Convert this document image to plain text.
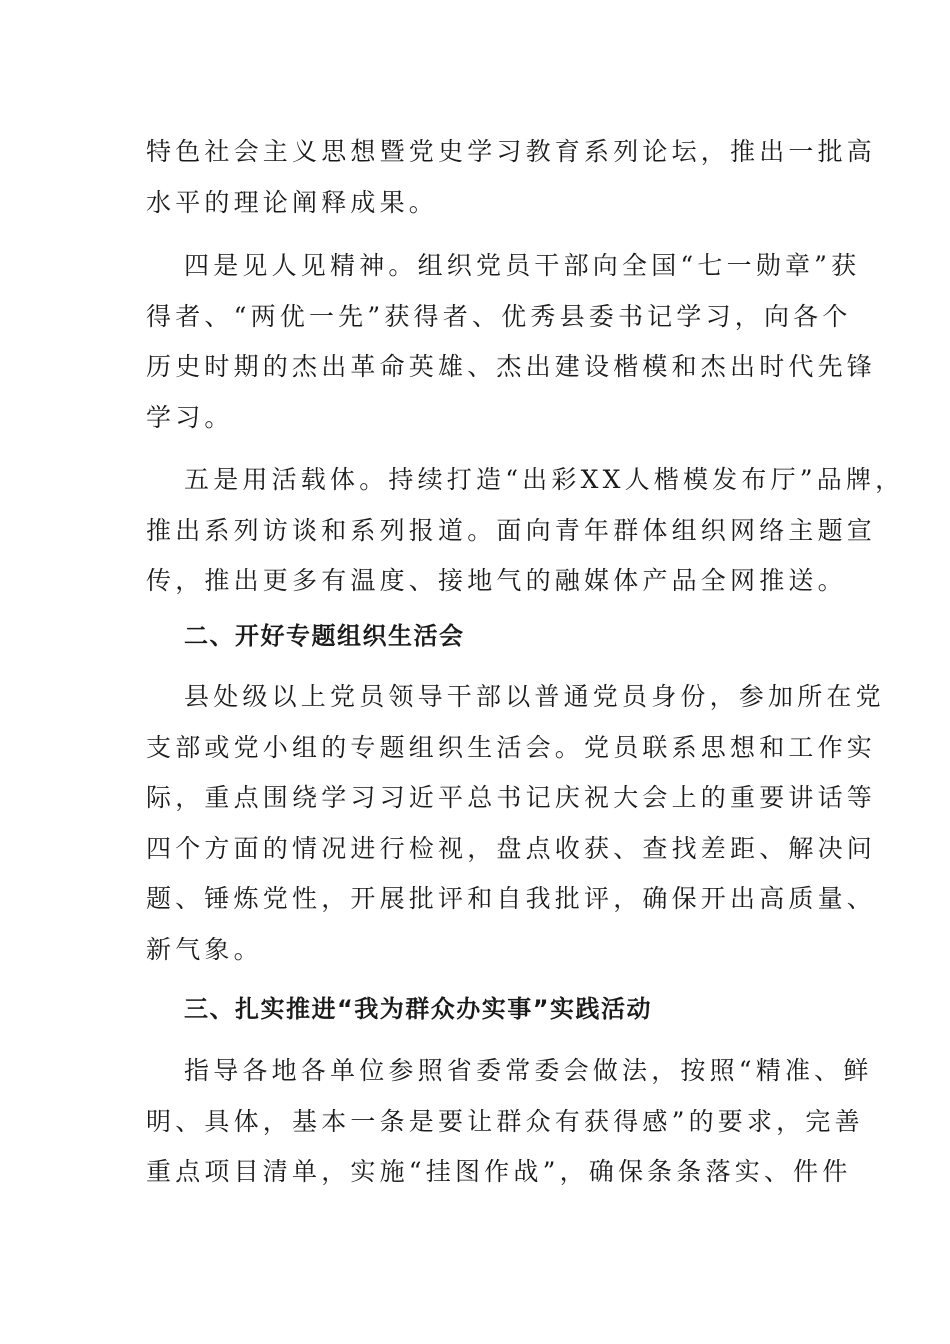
特色社会主义思想暨党史学习教育系列论坛，推出一批高
水平的理论阐释成果。
四是见人见精神。组织党员干部向全国“七一勋章”获
得者、“两优一先”获得者、优秀县委书记学习，向各个
历史时期的杰出革命英雄、杰出建设楷模和杰出时代先锋
学习。
五是用活载体。持续打造“出彩XX人楷模发布厅”品牌，
推出系列访谈和系列报道。面向青年群体组织网络主题宣
传，推出更多有温度、接地气的融媒体产品全网推送。
二、开好专题组织生活会
县处级以上党员领导干部以普通党员身份，参加所在党
支部或党小组的专题组织生活会。党员联系思想和工作实
际，重点围绕学习习近平总书记庆祝大会上的重要讲话等
四个方面的情况进行检视，盘点收获、查找差距、解决问
题、锤炼党性，开展批评和自我批评，确保开出高质量、
新气象。
三、扎实推进“我为群众办实事”实践活动
指导各地各单位参照省委常委会做法，按照“精准、鲜
明、具体，基本一条是要让群众有获得感”的要求，完善
重点项目清单，实施“挂图作战”，确保条条落实、件件
